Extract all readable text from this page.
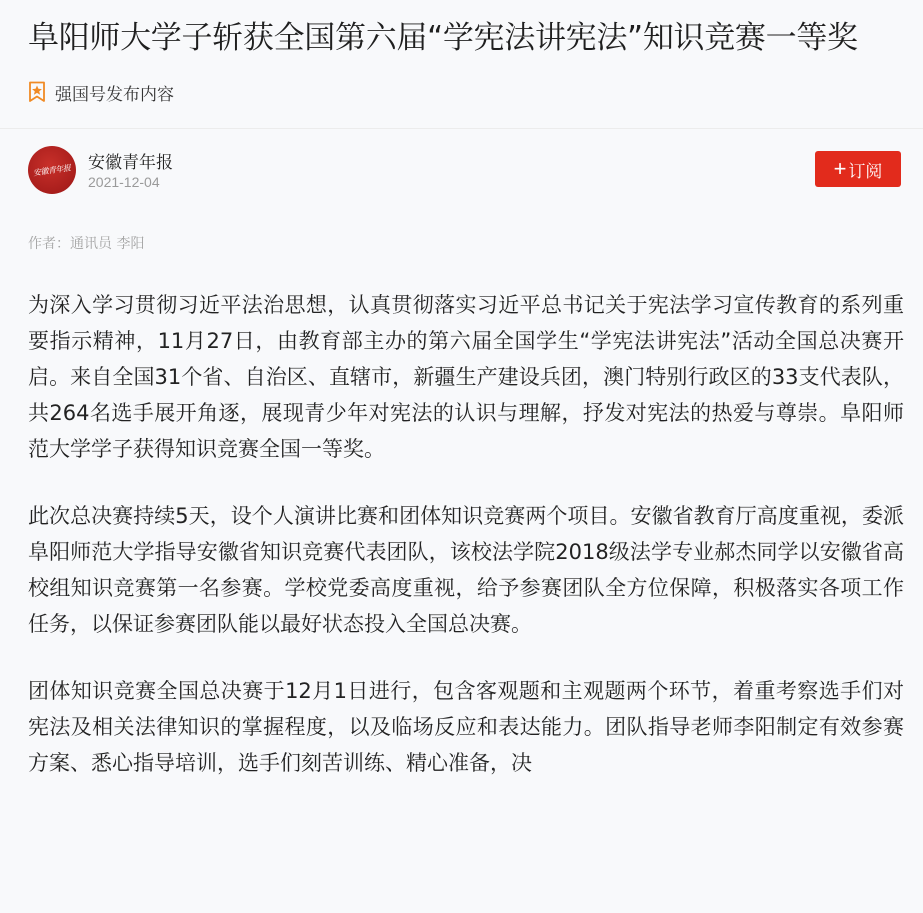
阜阳师大学子斩获全国第六届“学宪法讲宪法”知识竞赛一等奖
强国号发布内容
安徽青年报 安徽青年报
2021-12-04
+ 订阅
作者：通讯员 李阳

为深入学习贯彻习近平法治思想，认真贯彻落实习近平总书记关于宪法学习宣传教育的系列重要指示精神，11月27日，由教育部主办的第六届全国学生“学宪法讲宪法”活动全国总决赛开启。来自全国31个省、自治区、直辖市，新疆生产建设兵团，澳门特别行政区的33支代表队，共264名选手展开角逐，展现青少年对宪法的认识与理解，抒发对宪法的热爱与尊崇。阜阳师范大学学子获得知识竞赛全国一等奖。

此次总决赛持续5天，设个人演讲比赛和团体知识竞赛两个项目。安徽省教育厅高度重视，委派阜阳师范大学指导安徽省知识竞赛代表团队，该校法学院2018级法学专业郝杰同学以安徽省高校组知识竞赛第一名参赛。学校党委高度重视，给予参赛团队全方位保障，积极落实各项工作任务，以保证参赛团队能以最好状态投入全国总决赛。

团体知识竞赛全国总决赛于12月1日进行，包含客观题和主观题两个环节，着重考察选手们对宪法及相关法律知识的掌握程度，以及临场反应和表达能力。团队指导老师李阳制定有效参赛方案、悉心指导培训，选手们刻苦训练、精心准备，决
